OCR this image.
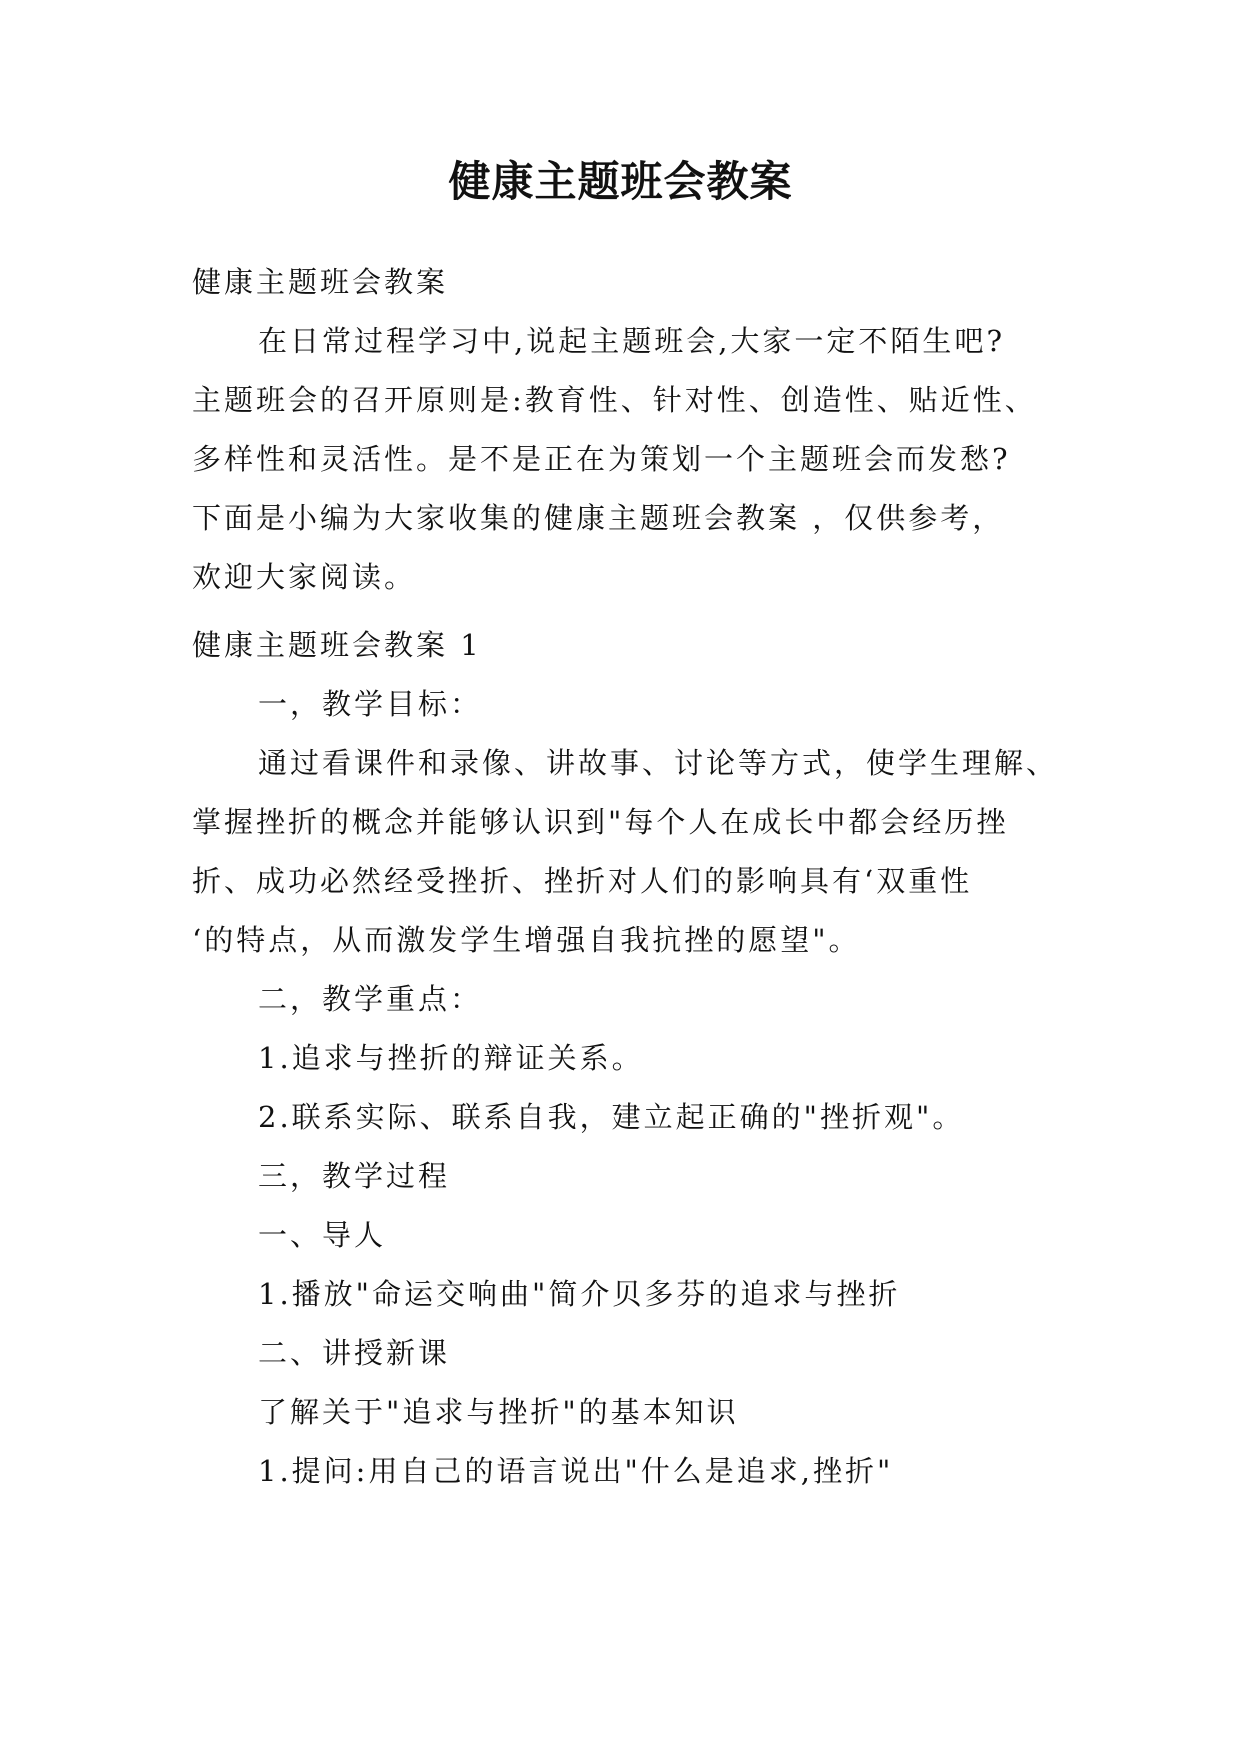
健康主题班会教案
健康主题班会教案
在日常过程学习中,说起主题班会,大家一定不陌生吧?
主题班会的召开原则是:教育性、针对性、创造性、贴近性、
多样性和灵活性。是不是正在为策划一个主题班会而发愁?
下面是小编为大家收集的健康主题班会教案 ，仅供参考，
欢迎大家阅读。
健康主题班会教案 1
一，教学目标：
通过看课件和录像、讲故事、讨论等方式，使学生理解、
掌握挫折的概念并能够认识到"每个人在成长中都会经历挫
折、成功必然经受挫折、挫折对人们的影响具有‘双重性
‘的特点，从而激发学生增强自我抗挫的愿望"。
二，教学重点：
1.追求与挫折的辩证关系。
2.联系实际、联系自我，建立起正确的"挫折观"。
三，教学过程
一、导人
1.播放"命运交响曲"简介贝多芬的追求与挫折
二、讲授新课
了解关于"追求与挫折"的基本知识
1.提问:用自己的语言说出"什么是追求,挫折"
